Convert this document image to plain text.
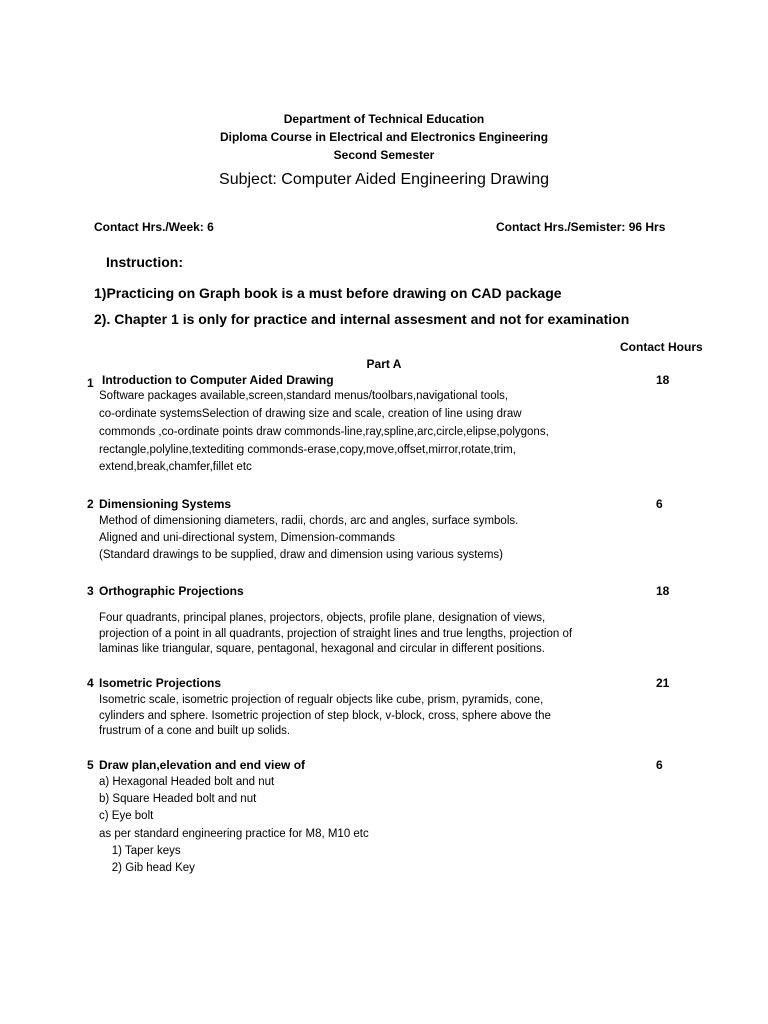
Department of Technical Education
Diploma Course in Electrical and Electronics Engineering
Second Semester
Subject: Computer Aided Engineering Drawing
Contact Hrs./Week: 6	Contact Hrs./Semister: 96 Hrs
Instruction:
1)Practicing on Graph book is a must before drawing on CAD package
2). Chapter 1 is only for practice and internal assesment and not for examination
Contact Hours
Part A
1 Introduction to Computer Aided Drawing	18
Software packages available,screen,standard menus/toolbars,navigational tools,
co-ordinate systemsSelection of drawing size and scale, creation of line using draw
commonds ,co-ordinate points draw commonds-line,ray,spline,arc,circle,elipse,polygons,
rectangle,polyline,textediting commonds-erase,copy,move,offset,mirror,rotate,trim,
extend,break,chamfer,fillet etc
2 Dimensioning Systems	6
Method of dimensioning diameters, radii, chords, arc and angles, surface symbols.
Aligned and uni-directional system, Dimension-commands
(Standard drawings to be supplied, draw and dimension using various systems)
3 Orthographic Projections	18
Four quadrants, principal planes, projectors, objects, profile plane, designation of views,
projection of a point in all quadrants, projection of straight lines and true lengths, projection of
laminas like triangular, square, pentagonal, hexagonal and circular in different positions.
4 Isometric Projections	21
Isometric scale, isometric projection of regualr objects like cube, prism, pyramids, cone,
cylinders and sphere. Isometric projection of step block, v-block, cross, sphere above the
frustrum of a cone and built up solids.
5 Draw plan,elevation and end view of	6
a) Hexagonal Headed bolt and nut
b) Square Headed bolt and nut
c) Eye bolt
as per standard engineering practice for M8, M10 etc
1) Taper keys
2) Gib head Key
